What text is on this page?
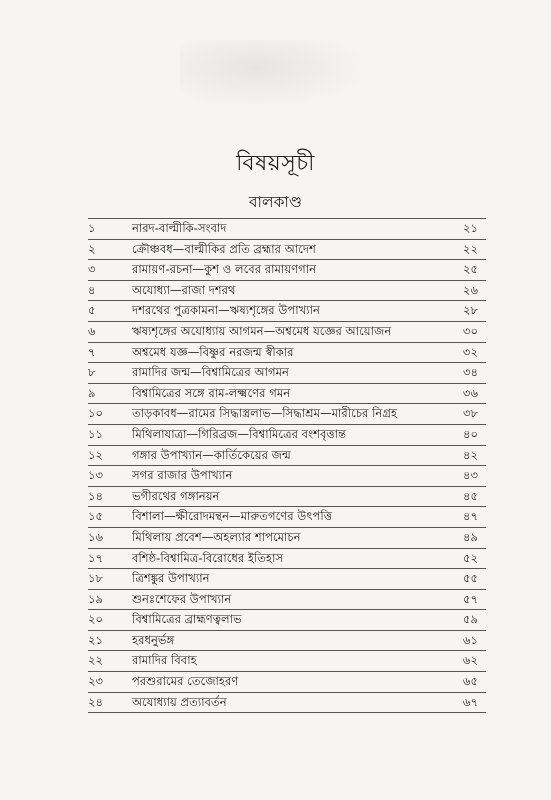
বিষয়সূচী
বালকাণ্ড
১	নারদ-বাল্মীকি-সংবাদ	২১
২	ক্রৌঞ্চবধ—বাল্মীকির প্রতি ব্রহ্মার আদেশ	২২
৩	রামায়ণ-রচনা—কুশ ও লবের রামায়ণগান	২৫
৪	অযোধ্যা—রাজা দশরথ	২৬
৫	দশরথের পুত্রকামনা—ঋষ্যশৃঙ্গের উপাখ্যান	২৮
৬	ঋষ্যশৃঙ্গের অযোধ্যায় আগমন—অশ্বমেধ যজ্ঞের আয়োজন	৩০
৭	অশ্বমেধ যজ্ঞ—বিষ্ণুর নরজন্ম স্বীকার	৩২
৮	রামাদির জন্ম—বিশ্বামিত্রের আগমন	৩৪
৯	বিশ্বামিত্রের সঙ্গে রাম-লক্ষ্মণের গমন	৩৬
১০ তাড়কাবধ—রামের সিদ্ধাস্ত্রলাভ—সিদ্ধাশ্রম—মারীচের নিগ্রহ	৩৮
১১ মিথিলাযাত্রা—গিরিব্রজ—বিশ্বামিত্রের বংশবৃত্তান্ত	৪০
১২ গঙ্গার উপাখ্যান—কার্তিকেয়ের জন্ম	৪২
১৩ সগর রাজার উপাখ্যান	৪৩
১৪ ভগীরথের গঙ্গানয়ন	৪৫
১৫ বিশালা—ক্ষীরোদমন্থন—মারুতগণের উৎপত্তি	৪৭
১৬ মিথিলায় প্রবেশ—অহল্যার শাপমোচন	৪৯
১৭ বশিষ্ঠ-বিশ্বামিত্র-বিরোধের ইতিহাস	৫২
১৮ ত্রিশঙ্কুর উপাখ্যান	৫৫
১৯ শুনঃশেফের উপাখ্যান	৫৭
২০ বিশ্বামিত্রের ব্রাহ্মণত্বলাভ	৫৯
২১ হরধনুর্ভঙ্গ	৬১
২২ রামাদির বিবাহ	৬২
২৩ পরশুরামের তেজোহরণ	৬৫
২৪ অযোধ্যায় প্রত্যাবর্তন	৬৭
